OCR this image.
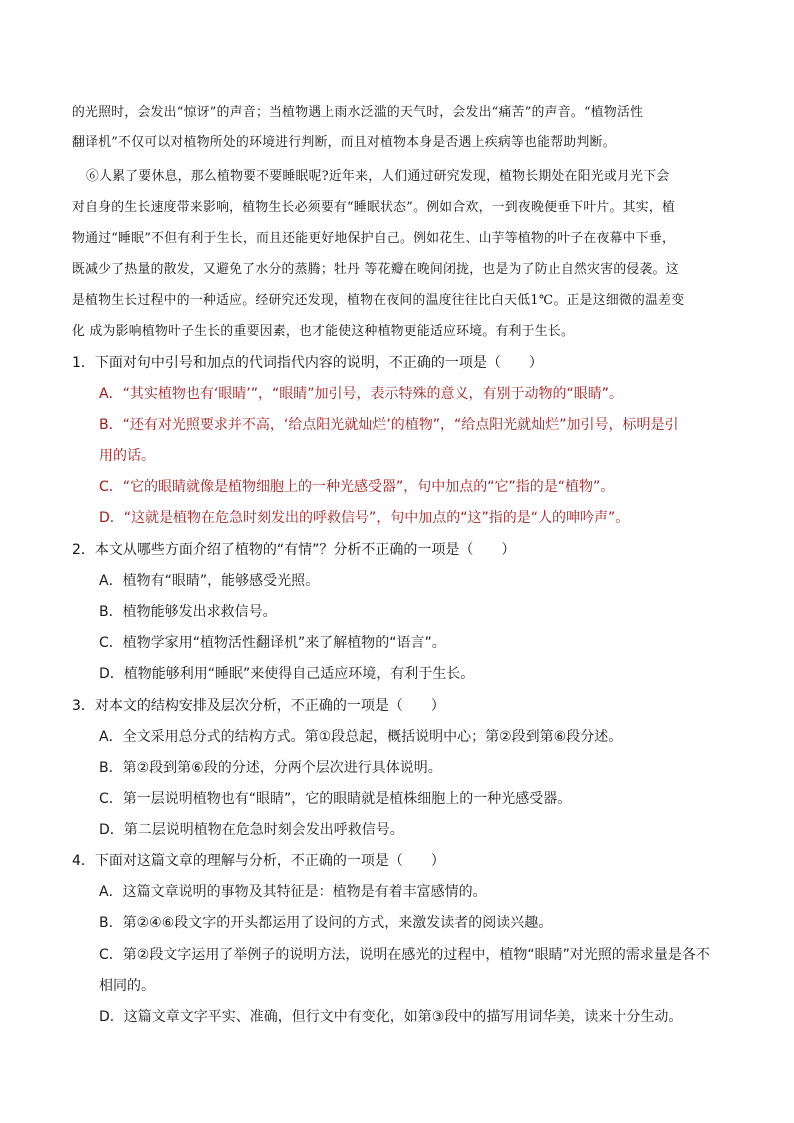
的光照时，会发出“惊讶”的声音；当植物遇上雨水泛滥的天气时，会发出“痛苦”的声音。“植物活性
翻译机”不仅可以对植物所处的环境进行判断，而且对植物本身是否遇上疾病等也能帮助判断。
⑥人累了要休息，那么植物要不要睡眠呢?近年来，人们通过研究发现，植物长期处在阳光或月光下会
对自身的生长速度带来影响，植物生长必须要有“睡眠状态”。例如合欢，一到夜晚便垂下叶片。其实，植
物通过“睡眠”不但有利于生长，而且还能更好地保护自己。例如花生、山芋等植物的叶子在夜幕中下垂，
既减少了热量的散发，又避免了水分的蒸腾；牡丹 等花瓣在晚间闭拢，也是为了防止自然灾害的侵袭。这
是植物生长过程中的一种适应。经研究还发现，植物在夜间的温度往往比白天低1℃。正是这细微的温差变
化 成为影响植物叶子生长的重要因素，也才能使这种植物更能适应环境。有利于生长。
1．下面对句中引号和加点的代词指代内容的说明，不正确的一项是（　　）
A．“其实植物也有‘眼睛’”，“眼睛”加引号，表示特殊的意义，有别于动物的“眼睛”。
B．“还有对光照要求并不高，‘给点阳光就灿烂’的植物”，“给点阳光就灿烂”加引号，标明是引
用的话。
C．“它的眼睛就像是植物细胞上的一种光感受器”，句中加点的“它”指的是“植物”。
D．“这就是植物在危急时刻发出的呼救信号”，句中加点的“这”指的是“人的呻吟声”。
2．本文从哪些方面介绍了植物的“有情”？分析不正确的一项是（　　）
A．植物有“眼睛”，能够感受光照。
B．植物能够发出求救信号。
C．植物学家用“植物活性翻译机”来了解植物的“语言”。
D．植物能够利用“睡眠”来使得自己适应环境，有利于生长。
3．对本文的结构安排及层次分析，不正确的一项是（　　）
A．全文采用总分式的结构方式。第①段总起，概括说明中心；第②段到第⑥段分述。
B．第②段到第⑥段的分述，分两个层次进行具体说明。
C．第一层说明植物也有“眼睛”，它的眼睛就是植株细胞上的一种光感受器。
D．第二层说明植物在危急时刻会发出呼救信号。
4．下面对这篇文章的理解与分析，不正确的一项是（　　）
A．这篇文章说明的事物及其特征是：植物是有着丰富感情的。
B．第②④⑥段文字的开头都运用了设问的方式，来激发读者的阅读兴趣。
C．第②段文字运用了举例子的说明方法，说明在感光的过程中，植物“眼睛”对光照的需求量是各不
相同的。
D．这篇文章文字平实、准确，但行文中有变化，如第③段中的描写用词华美，读来十分生动。
